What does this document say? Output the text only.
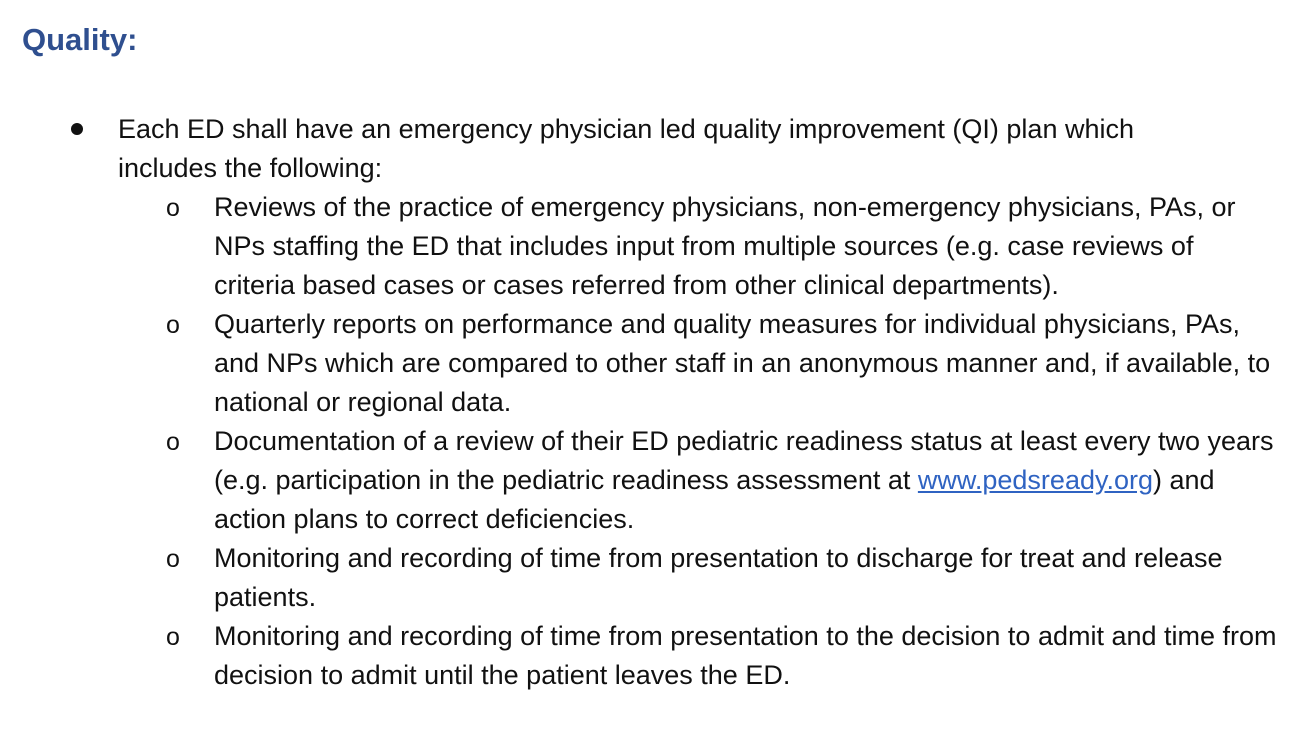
Quality:
Each ED shall have an emergency physician led quality improvement (QI) plan which includes the following:
o Reviews of the practice of emergency physicians, non-emergency physicians, PAs, or NPs staffing the ED that includes input from multiple sources (e.g. case reviews of criteria based cases or cases referred from other clinical departments).
o Quarterly reports on performance and quality measures for individual physicians, PAs, and NPs which are compared to other staff in an anonymous manner and, if available, to national or regional data.
o Documentation of a review of their ED pediatric readiness status at least every two years (e.g. participation in the pediatric readiness assessment at www.pedsready.org) and action plans to correct deficiencies.
o Monitoring and recording of time from presentation to discharge for treat and release patients.
o Monitoring and recording of time from presentation to the decision to admit and time from decision to admit until the patient leaves the ED.
